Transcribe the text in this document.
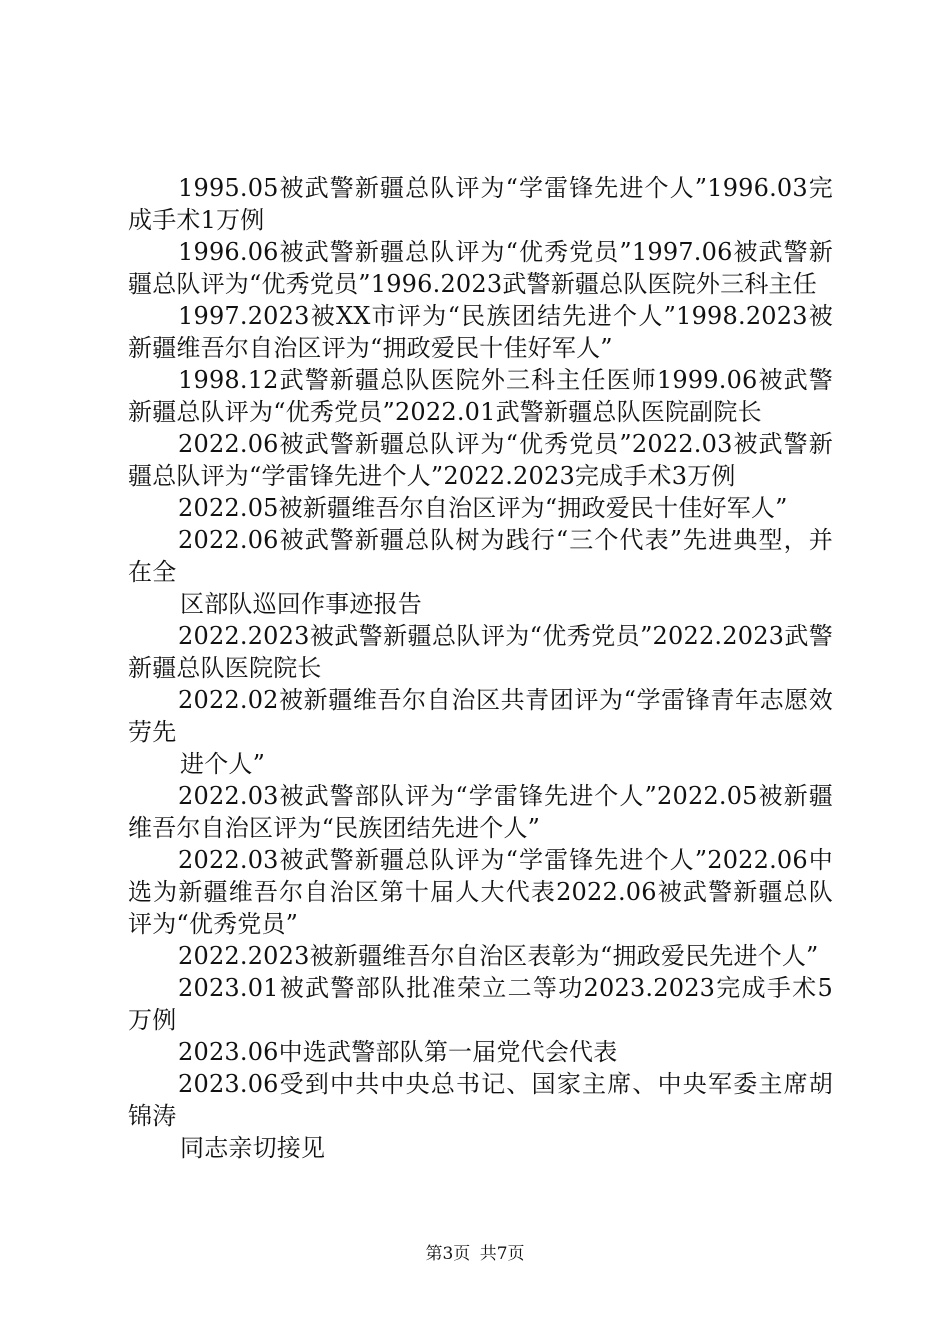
1995.05被武警新疆总队评为“学雷锋先进个人”1996.03完成手术1万例

1996.06被武警新疆总队评为“优秀党员”1997.06被武警新疆总队评为“优秀党员”1996.2023武警新疆总队医院外三科主任

1997.2023被XX市评为“民族团结先进个人”1998.2023被新疆维吾尔自治区评为“拥政爱民十佳好军人”

1998.12武警新疆总队医院外三科主任医师1999.06被武警新疆总队评为“优秀党员”2022.01武警新疆总队医院副院长

2022.06被武警新疆总队评为“优秀党员”2022.03被武警新疆总队评为“学雷锋先进个人”2022.2023完成手术3万例

2022.05被新疆维吾尔自治区评为“拥政爱民十佳好军人”

2022.06被武警新疆总队树为践行“三个代表”先进典型，并在全

区部队巡回作事迹报告

2022.2023被武警新疆总队评为“优秀党员”2022.2023武警新疆总队医院院长

2022.02被新疆维吾尔自治区共青团评为“学雷锋青年志愿效劳先

进个人”

2022.03被武警部队评为“学雷锋先进个人”2022.05被新疆维吾尔自治区评为“民族团结先进个人”

2022.03被武警新疆总队评为“学雷锋先进个人”2022.06中选为新疆维吾尔自治区第十届人大代表2022.06被武警新疆总队评为“优秀党员”

2022.2023被新疆维吾尔自治区表彰为“拥政爱民先进个人”

2023.01被武警部队批准荣立二等功2023.2023完成手术5万例

2023.06中选武警部队第一届党代会代表

2023.06受到中共中央总书记、国家主席、中央军委主席胡锦涛

同志亲切接见

第3页 共7页
